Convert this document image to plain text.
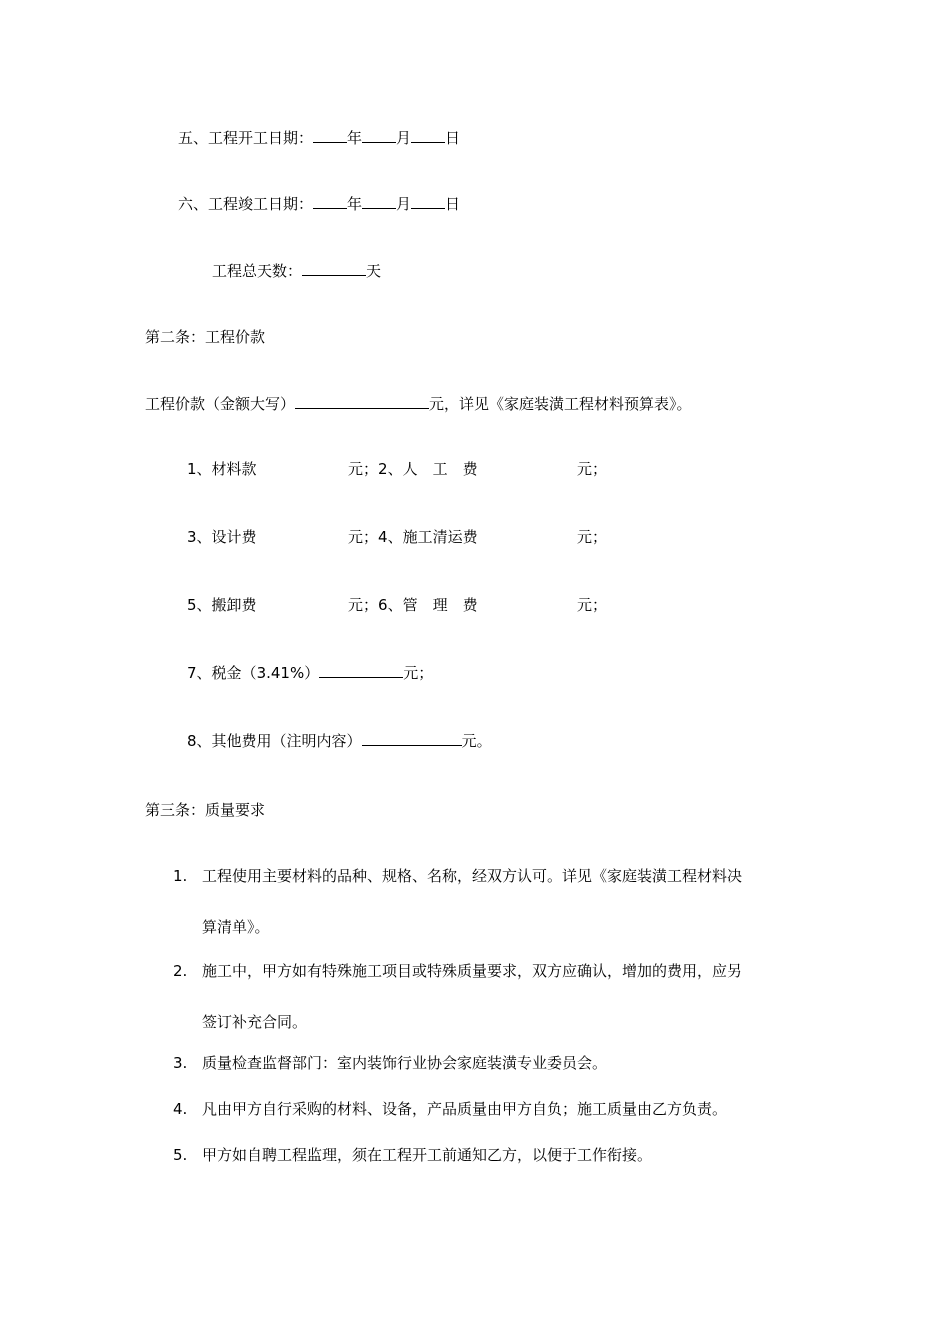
五、工程开工日期： 年 月 日
六、工程竣工日期： 年 月 日
工程总天数：	天
第二条：工程价款
工程价款（金额大写）	元，详见《家庭装潢工程材料预算表》。
1、材料款	元；2、人　工　费	元；
3、设计费	元；4、施工清运费	元；
5、搬卸费	元；6、管　理　费	元；
7、税金（3.41%）	元；
8、其他费用（注明内容）	元。
第三条：质量要求
1. 工程使用主要材料的品种、规格、名称，经双方认可。详见《家庭装潢工程材料决
算清单》。
2. 施工中，甲方如有特殊施工项目或特殊质量要求，双方应确认，增加的费用，应另
签订补充合同。
3. 质量检查监督部门：室内装饰行业协会家庭装潢专业委员会。
4. 凡由甲方自行采购的材料、设备，产品质量由甲方自负；施工质量由乙方负责。
5. 甲方如自聘工程监理，须在工程开工前通知乙方，以便于工作衔接。
